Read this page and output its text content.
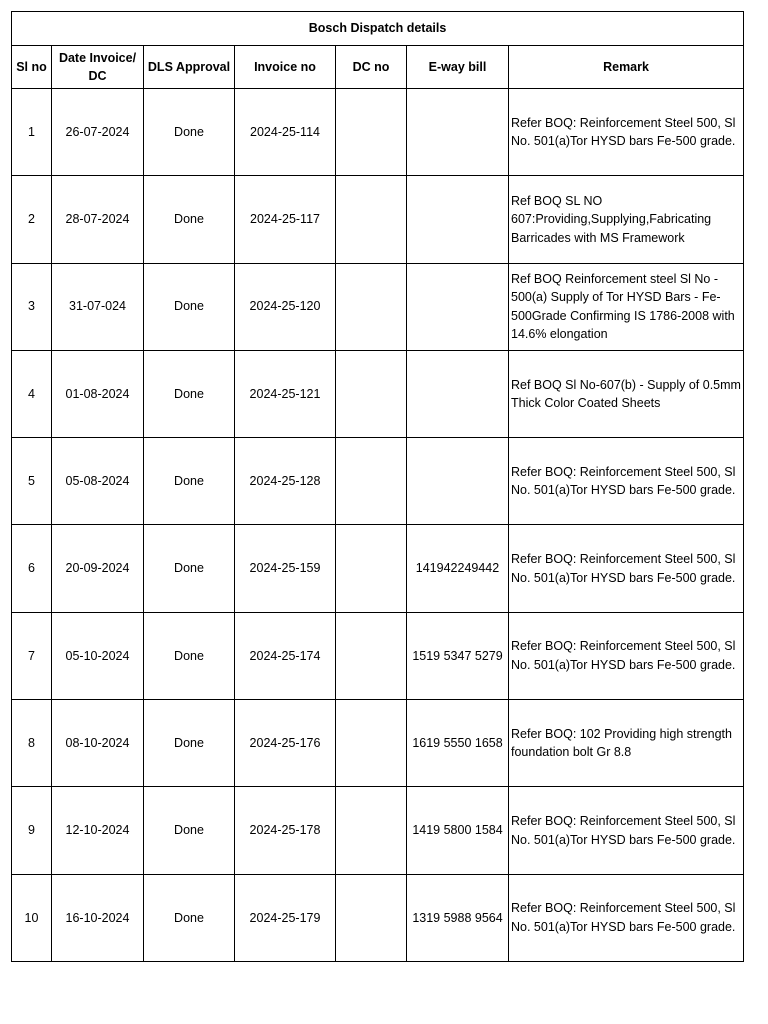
Bosch Dispatch details						
Sl no	Date Invoice/ DC	DLS Approval	Invoice no	DC no	E-way bill	Remark
1	26-07-2024	Done	2024-25-114			Refer BOQ: Reinforcement Steel 500, Sl No. 501(a)Tor HYSD bars Fe-500 grade.
2	28-07-2024	Done	2024-25-117			Ref BOQ SL NO 607:Providing,Supplying,Fabricating Barricades with MS Framework
3	31-07-024	Done	2024-25-120			Ref BOQ Reinforcement steel Sl No - 500(a) Supply of Tor HYSD Bars - Fe-500Grade Confirming IS 1786-2008 with 14.6% elongation
4	01-08-2024	Done	2024-25-121			Ref BOQ Sl No-607(b) - Supply of 0.5mm Thick Color Coated Sheets
5	05-08-2024	Done	2024-25-128			Refer BOQ: Reinforcement Steel 500, Sl No. 501(a)Tor HYSD bars Fe-500 grade.
6	20-09-2024	Done	2024-25-159		141942249442	Refer BOQ: Reinforcement Steel 500, Sl No. 501(a)Tor HYSD bars Fe-500 grade.
7	05-10-2024	Done	2024-25-174		1519 5347 5279	Refer BOQ: Reinforcement Steel 500, Sl No. 501(a)Tor HYSD bars Fe-500 grade.
8	08-10-2024	Done	2024-25-176		1619 5550 1658	Refer BOQ: 102 Providing high strength foundation bolt Gr 8.8
9	12-10-2024	Done	2024-25-178		1419 5800 1584	Refer BOQ: Reinforcement Steel 500, Sl No. 501(a)Tor HYSD bars Fe-500 grade.
10	16-10-2024	Done	2024-25-179		1319 5988 9564	Refer BOQ: Reinforcement Steel 500, Sl No. 501(a)Tor HYSD bars Fe-500 grade.
